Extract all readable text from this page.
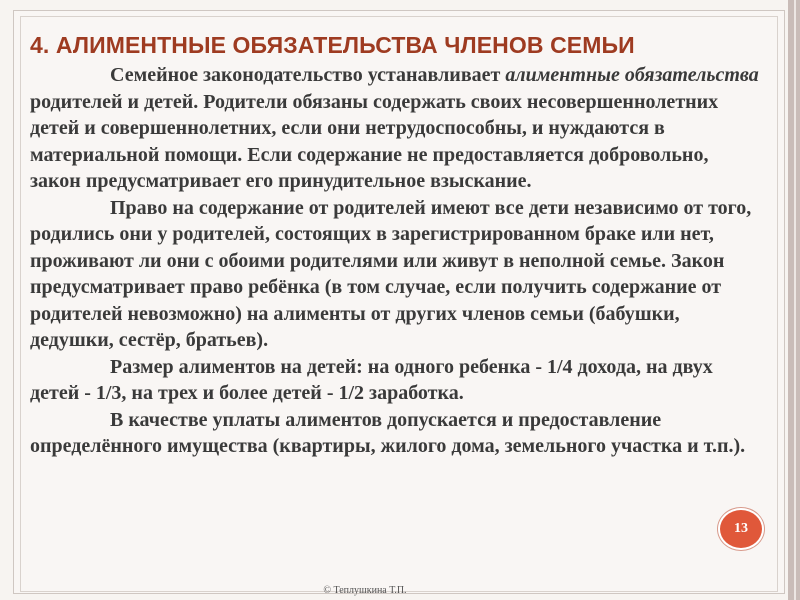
4. АЛИМЕНТНЫЕ ОБЯЗАТЕЛЬСТВА ЧЛЕНОВ СЕМЬИ

Семейное законодательство устанавливает алиментные обязательства родителей и детей. Родители обязаны содержать своих несовершеннолетних детей и совершеннолетних, если они нетрудоспособны, и нуждаются в материальной помощи. Если содержание не предоставляется добровольно, закон предусматривает его принудительное взыскание.

Право на содержание от родителей имеют все дети независимо от того, родились они у родителей, состоящих в зарегистрированном браке или нет, проживают ли они с обоими родителями или живут в неполной семье. Закон предусматривает право ребёнка (в том случае, если получить содержание от родителей невозможно) на алименты от других членов семьи (бабушки, дедушки, сестёр, братьев).

Размер алиментов на детей: на одного ребенка - 1/4 дохода, на двух детей - 1/3, на трех и более детей - 1/2 заработка.

В качестве уплаты алиментов допускается и предоставление определённого имущества (квартиры, жилого дома, земельного участка и т.п.).

13
© Теплушкина Т.П.
